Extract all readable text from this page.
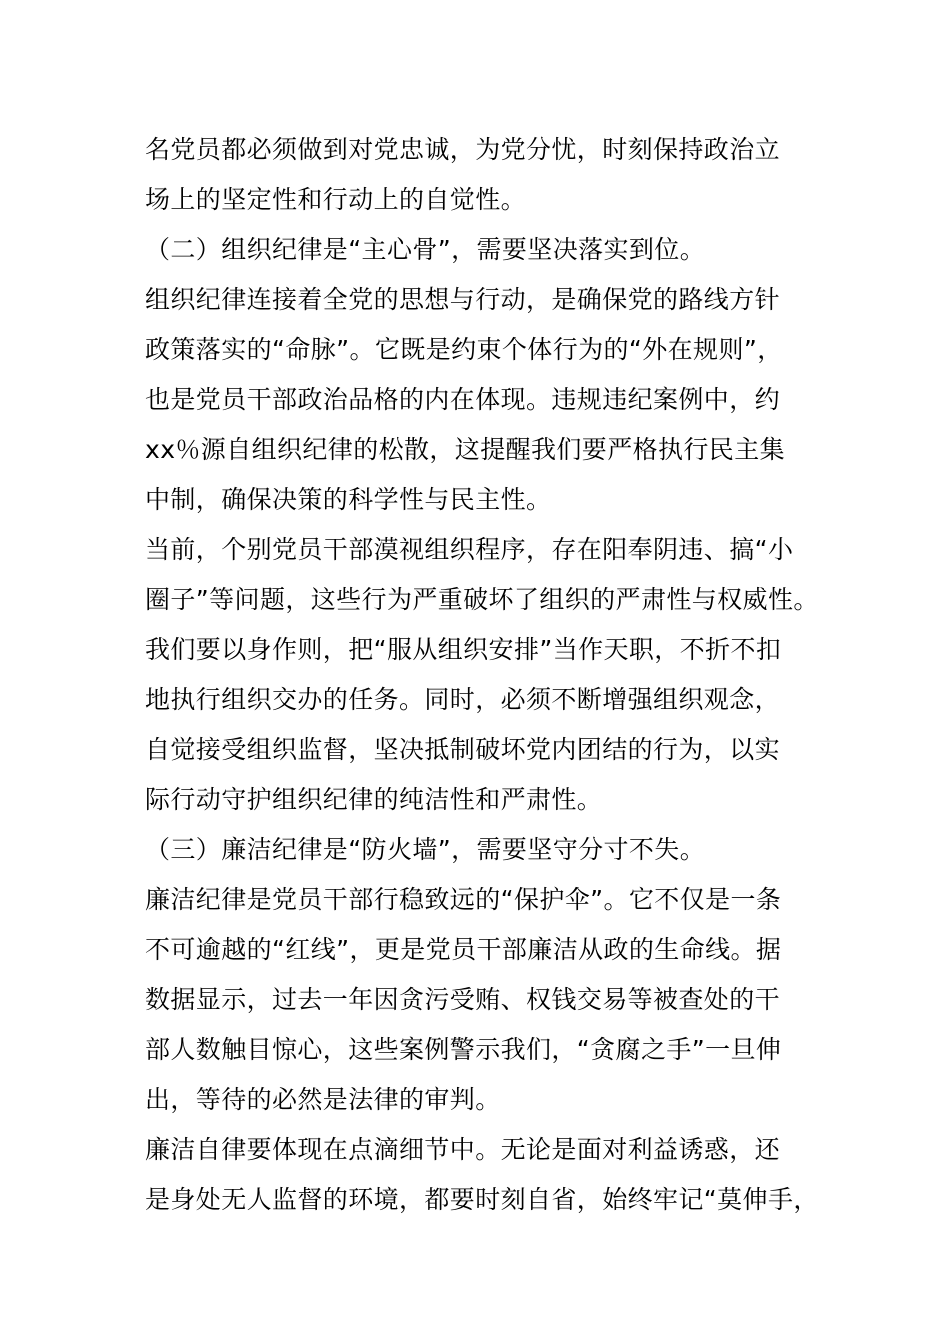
名党员都必须做到对党忠诚，为党分忧，时刻保持政治立
场上的坚定性和行动上的自觉性。
（二）组织纪律是“主心骨”，需要坚决落实到位。
组织纪律连接着全党的思想与行动，是确保党的路线方针
政策落实的“命脉”。它既是约束个体行为的“外在规则”，
也是党员干部政治品格的内在体现。违规违纪案例中，约
xx％源自组织纪律的松散，这提醒我们要严格执行民主集
中制，确保决策的科学性与民主性。
当前，个别党员干部漠视组织程序，存在阳奉阴违、搞“小
圈子”等问题，这些行为严重破坏了组织的严肃性与权威性。
我们要以身作则，把“服从组织安排”当作天职，不折不扣
地执行组织交办的任务。同时，必须不断增强组织观念，
自觉接受组织监督，坚决抵制破坏党内团结的行为，以实
际行动守护组织纪律的纯洁性和严肃性。
（三）廉洁纪律是“防火墙”，需要坚守分寸不失。
廉洁纪律是党员干部行稳致远的“保护伞”。它不仅是一条
不可逾越的“红线”，更是党员干部廉洁从政的生命线。据
数据显示，过去一年因贪污受贿、权钱交易等被查处的干
部人数触目惊心，这些案例警示我们，“贪腐之手”一旦伸
出，等待的必然是法律的审判。
廉洁自律要体现在点滴细节中。无论是面对利益诱惑，还
是身处无人监督的环境，都要时刻自省，始终牢记“莫伸手，
